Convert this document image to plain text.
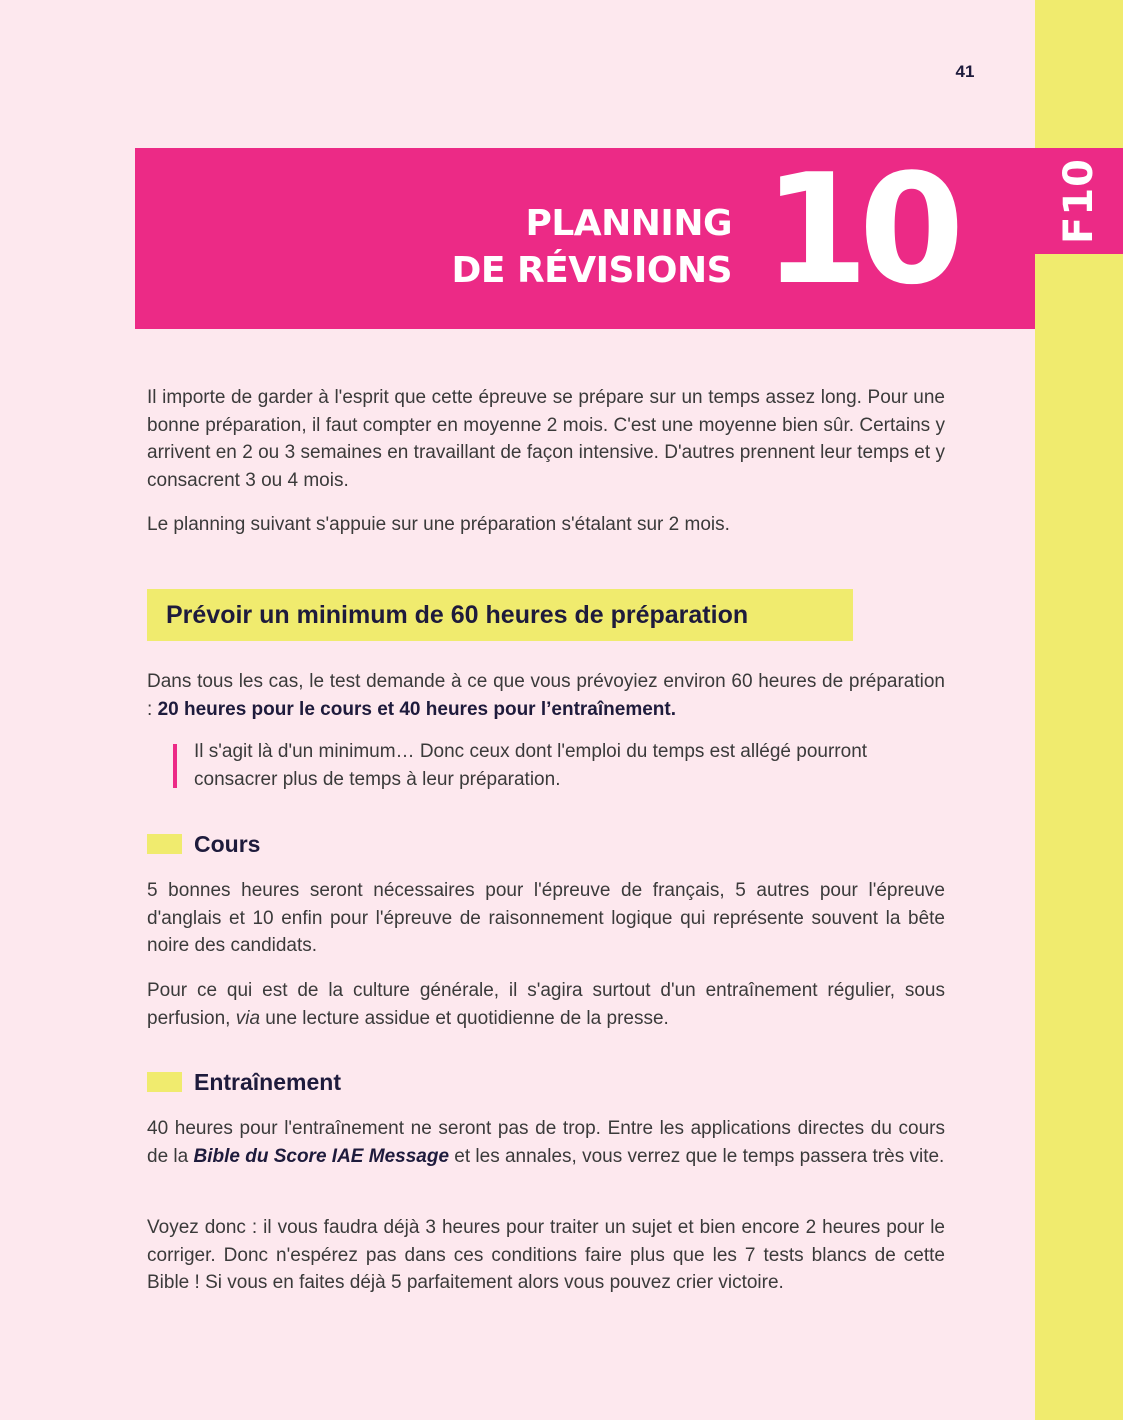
F10
41
PLANNING
DE RÉVISIONS 10

Il importe de garder à l'esprit que cette épreuve se prépare sur un temps assez long. Pour une bonne préparation, il faut compter en moyenne 2 mois. C'est une moyenne bien sûr. Certains y arrivent en 2 ou 3 semaines en travaillant de façon intensive. D'autres prennent leur temps et y consacrent 3 ou 4 mois.

Le planning suivant s'appuie sur une préparation s'étalant sur 2 mois.

Prévoir un minimum de 60 heures de préparation

Dans tous les cas, le test demande à ce que vous prévoyiez environ 60 heures de préparation : 20 heures pour le cours et 40 heures pour l’entraînement.

Il s'agit là d'un minimum… Donc ceux dont l'emploi du temps est allégé pourront consacrer plus de temps à leur préparation.

Cours

5 bonnes heures seront nécessaires pour l'épreuve de français, 5 autres pour l'épreuve d'anglais et 10 enfin pour l'épreuve de raisonnement logique qui représente souvent la bête noire des candidats.

Pour ce qui est de la culture générale, il s'agira surtout d'un entraînement régulier, sous perfusion, via une lecture assidue et quotidienne de la presse.

Entraînement

40 heures pour l'entraînement ne seront pas de trop. Entre les applications directes du cours de la Bible du Score IAE Message et les annales, vous verrez que le temps passera très vite.

Voyez donc : il vous faudra déjà 3 heures pour traiter un sujet et bien encore 2 heures pour le corriger. Donc n'espérez pas dans ces conditions faire plus que les 7 tests blancs de cette Bible ! Si vous en faites déjà 5 parfaitement alors vous pouvez crier victoire.
